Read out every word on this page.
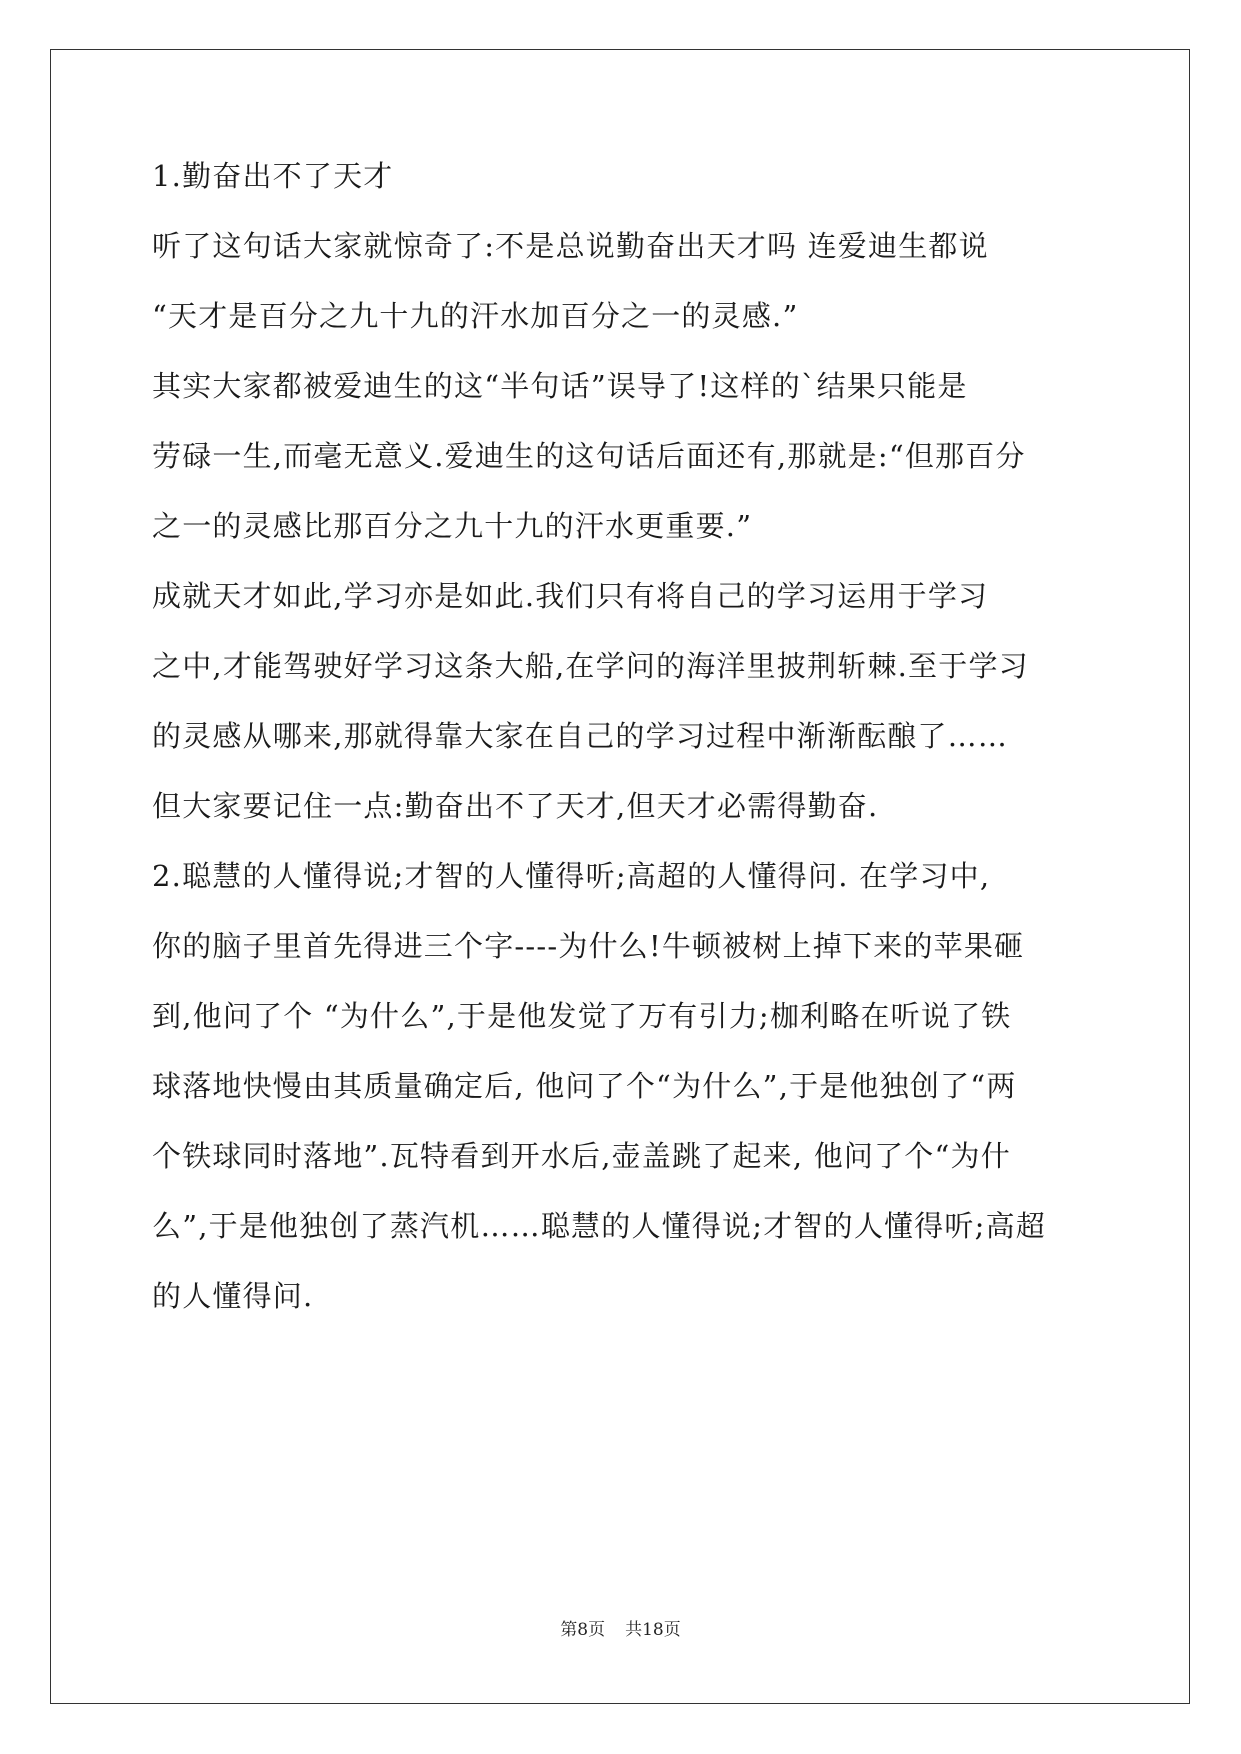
1.勤奋出不了天才

听了这句话大家就惊奇了:不是总说勤奋出天才吗 连爱迪生都说

“天才是百分之九十九的汗水加百分之一的灵感.”

其实大家都被爱迪生的这“半句话”误导了!这样的`结果只能是

劳碌一生,而毫无意义.爱迪生的这句话后面还有,那就是:“但那百分

之一的灵感比那百分之九十九的汗水更重要.”

成就天才如此,学习亦是如此.我们只有将自己的学习运用于学习

之中,才能驾驶好学习这条大船,在学问的海洋里披荆斩棘.至于学习

的灵感从哪来,那就得靠大家在自己的学习过程中渐渐酝酿了……

但大家要记住一点:勤奋出不了天才,但天才必需得勤奋.

2.聪慧的人懂得说;才智的人懂得听;高超的人懂得问. 在学习中,

你的脑子里首先得进三个字----为什么!牛顿被树上掉下来的苹果砸

到,他问了个 “为什么”,于是他发觉了万有引力;枷利略在听说了铁

球落地快慢由其质量确定后, 他问了个“为什么”,于是他独创了“两

个铁球同时落地”.瓦特看到开水后,壶盖跳了起来, 他问了个“为什

么”,于是他独创了蒸汽机……聪慧的人懂得说;才智的人懂得听;高超

的人懂得问.

第8页 共18页
